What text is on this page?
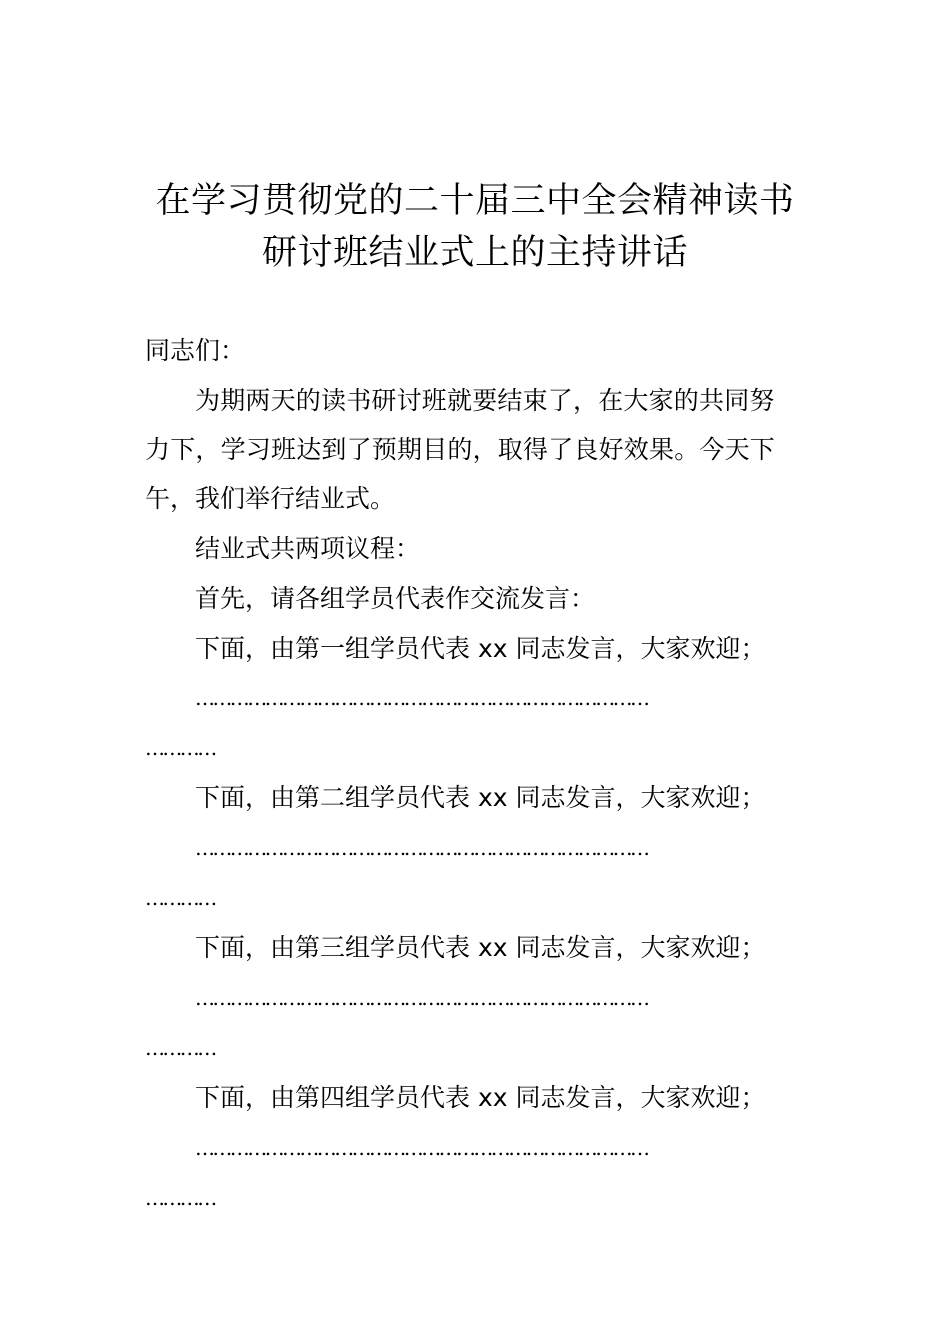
在学习贯彻党的二十届三中全会精神读书
研讨班结业式上的主持讲话
同志们：
为期两天的读书研讨班就要结束了，在大家的共同努
力下，学习班达到了预期目的，取得了良好效果。今天下
午，我们举行结业式。
结业式共两项议程：
首先，请各组学员代表作交流发言：
下面，由第一组学员代表 xx 同志发言，大家欢迎；
……………………………………………………………………
…………
下面，由第二组学员代表 xx 同志发言，大家欢迎；
……………………………………………………………………
…………
下面，由第三组学员代表 xx 同志发言，大家欢迎；
……………………………………………………………………
…………
下面，由第四组学员代表 xx 同志发言，大家欢迎；
……………………………………………………………………
…………
